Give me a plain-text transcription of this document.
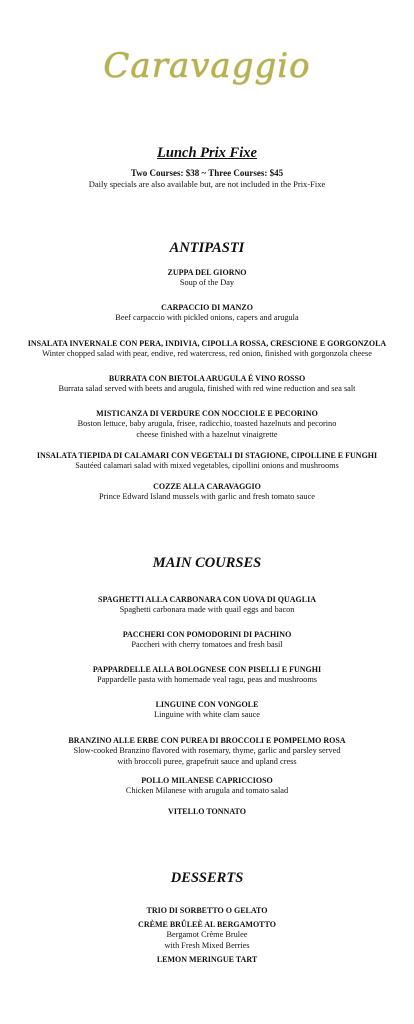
Caravaggio
Lunch Prix Fixe
Two Courses: $38 ~ Three Courses: $45
Daily specials are also available but, are not included in the Prix-Fixe
ANTIPASTI
ZUPPA DEL GIORNO
Soup of the Day
CARPACCIO DI MANZO
Beef carpaccio with pickled onions, capers and arugula
INSALATA INVERNALE CON PERA, INDIVIA, CIPOLLA ROSSA, CRESCIONE E GORGONZOLA
Winter chopped salad with pear, endive, red watercress, red onion, finished with gorgonzola cheese
BURRATA CON BIETOLA ARUGULA É VINO ROSSO
Burrata salad served with beets and arugula, finished with red wine reduction and sea salt
MISTICANZA DI VERDURE CON NOCCIOLE E PECORINO
Boston lettuce, baby arugula, frisee, radicchio, toasted hazelnuts and pecorino
cheese finished with a hazelnut vinaigrette
INSALATA TIEPIDA DI CALAMARI CON VEGETALI DI STAGIONE, CIPOLLINE E FUNGHI
Sautéed calamari salad with mixed vegetables, cipollini onions and mushrooms
COZZE ALLA CARAVAGGIO
Prince Edward Island mussels with garlic and fresh tomato sauce
MAIN COURSES
SPAGHETTI ALLA CARBONARA CON UOVA DI QUAGLIA
Spaghetti carbonara made with quail eggs and bacon
PACCHERI CON POMODORINI DI PACHINO
Paccheri with cherry tomatoes and fresh basil
PAPPARDELLE ALLA BOLOGNESE CON PISELLI E FUNGHI
Pappardelle pasta with homemade veal ragu, peas and mushrooms
LINGUINE CON VONGOLE
Linguine with white clam sauce
BRANZINO ALLE ERBE CON PUREA DI BROCCOLI E POMPELMO ROSA
Slow-cooked Branzino flavored with rosemary, thyme, garlic and parsley served
with broccoli puree, grapefruit sauce and upland cress
POLLO MILANESE CAPRICCIOSO
Chicken Milanese with arugula and tomato salad
VITELLO TONNATO
DESSERTS
TRIO DI SORBETTO O GELATO
CRÈME BRÛLEÈ AL BERGAMOTTO
Bergamot Crème Brulee
with Fresh Mixed Berries
LEMON MERINGUE TART
